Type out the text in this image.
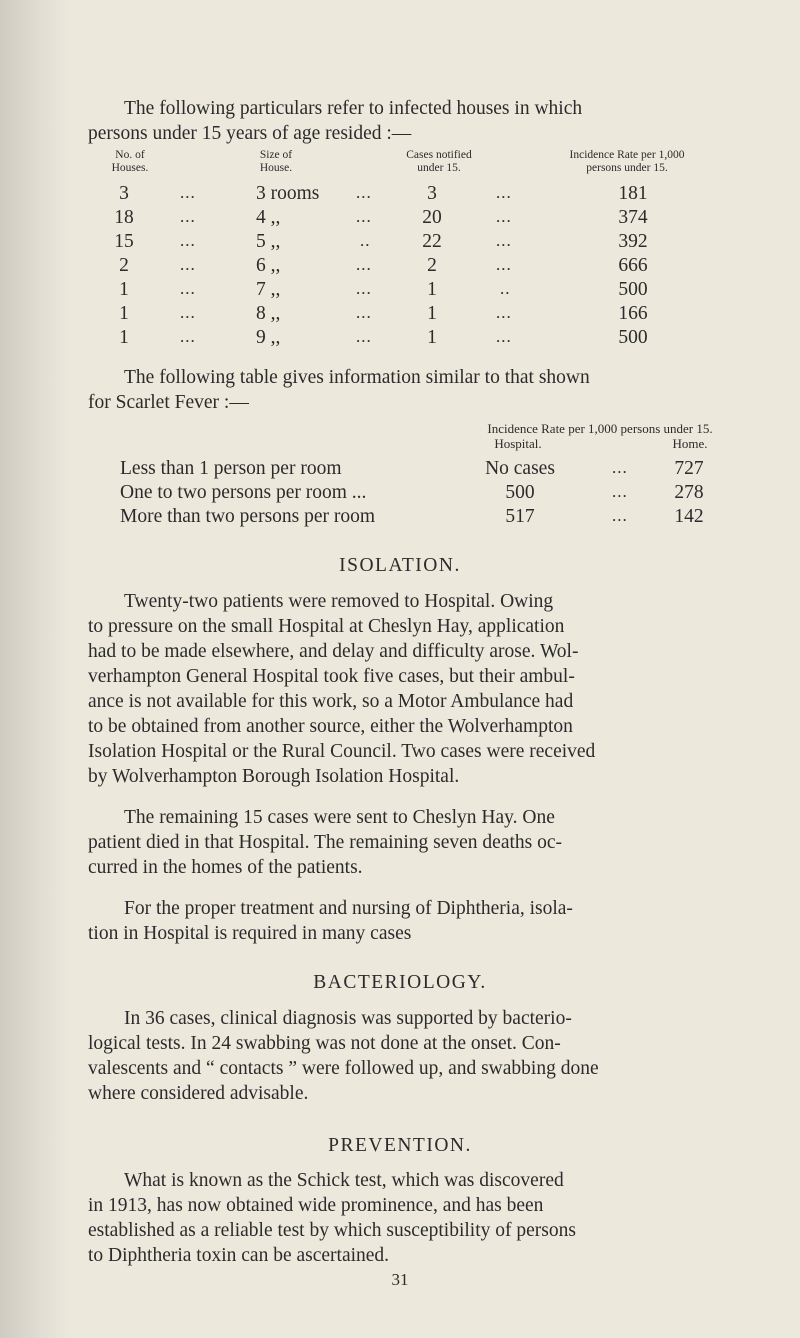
The following particulars refer to infected houses in which

persons under 15 years of age resided :—

No. of
Houses.
Size of
House.
Cases notified
under 15.
Incidence Rate per 1,000
persons under 15.
3	...	3 rooms ...	3	...	181
18	...	4 ,,	...	20	...	374
15	...	5 ,,	..	22	...	392
2	...	6 ,,	...	2	...	666
1	...	7 ,,	...	1	..	500
1	...	8 ,,	...	1	...	166
1	...	9 ,,	...	1	...	500

The following table gives information similar to that shown

for Scarlet Fever :—

Incidence Rate per 1,000 persons under 15.
Hospital.	Home.
Less than 1 person per room	No cases	...	727
One to two persons per room ...	500	...	278
More than two persons per room	517	...	142
ISOLATION.

Twenty-two patients were removed to Hospital. Owing

to pressure on the small Hospital at Cheslyn Hay, application

had to be made elsewhere, and delay and difficulty arose. Wol-

verhampton General Hospital took five cases, but their ambul-

ance is not available for this work, so a Motor Ambulance had

to be obtained from another source, either the Wolverhampton

Isolation Hospital or the Rural Council. Two cases were received

by Wolverhampton Borough Isolation Hospital.

The remaining 15 cases were sent to Cheslyn Hay. One

patient died in that Hospital. The remaining seven deaths oc-

curred in the homes of the patients.

For the proper treatment and nursing of Diphtheria, isola-

tion in Hospital is required in many cases

BACTERIOLOGY.

In 36 cases, clinical diagnosis was supported by bacterio-

logical tests. In 24 swabbing was not done at the onset. Con-

valescents and “ contacts ” were followed up, and swabbing done

where considered advisable.

PREVENTION.

What is known as the Schick test, which was discovered

in 1913, has now obtained wide prominence, and has been

established as a reliable test by which susceptibility of persons

to Diphtheria toxin can be ascertained.

31
